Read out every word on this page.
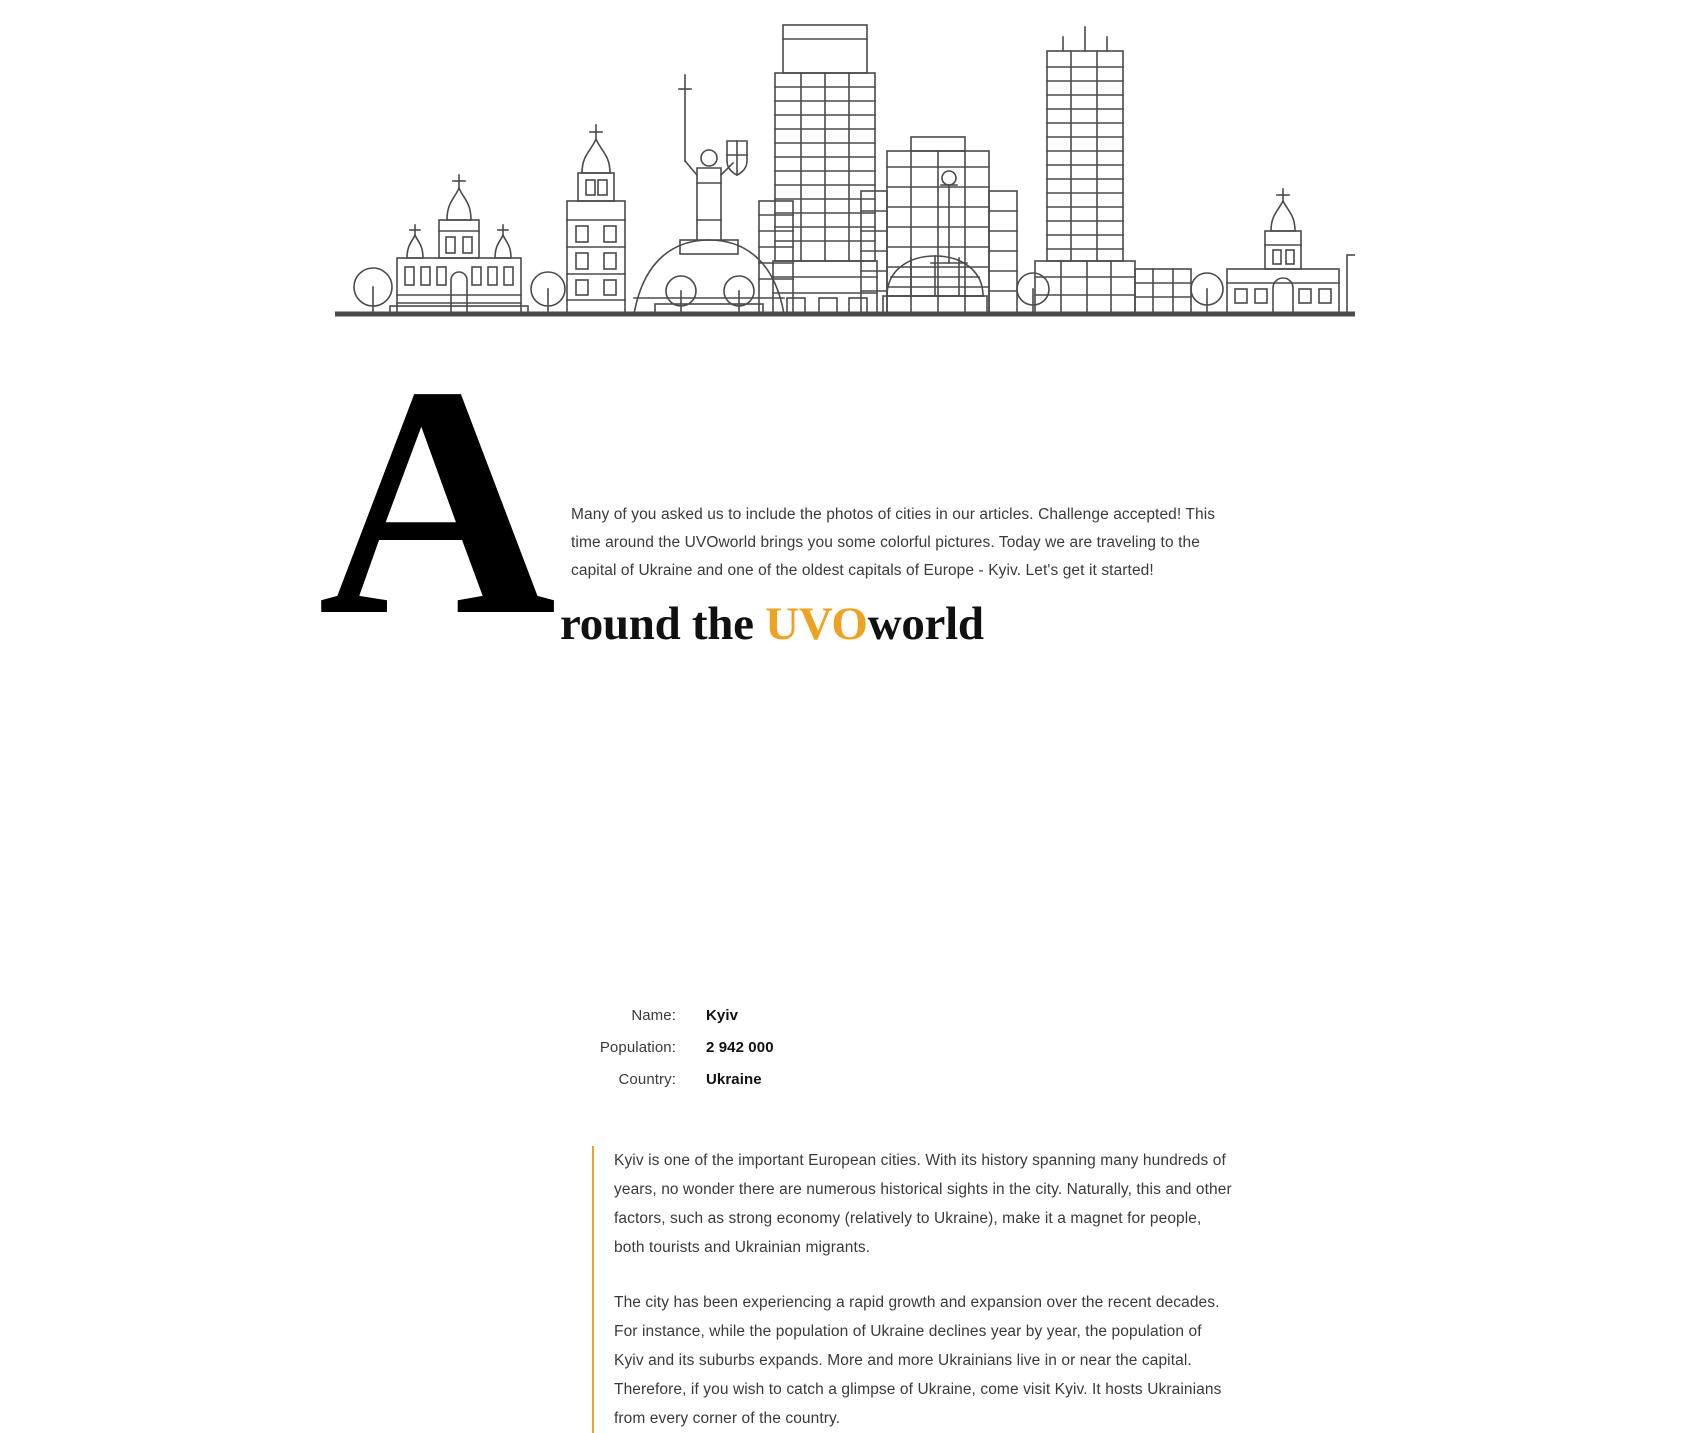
A Many of you asked us to include the photos of cities in our articles. Challenge accepted! This time around the UVOworld brings you some colorful pictures. Today we are traveling to the capital of Ukraine and one of the oldest capitals of Europe - Kyiv. Let's get it started!

round the UVOworld
Name:	Kyiv
Population:	2 942 000
Country:	Ukraine

Kyiv is one of the important European cities. With its history spanning many hundreds of years, no wonder there are numerous historical sights in the city. Naturally, this and other factors, such as strong economy (relatively to Ukraine), make it a magnet for people, both tourists and Ukrainian migrants.

The city has been experiencing a rapid growth and expansion over the recent decades. For instance, while the population of Ukraine declines year by year, the population of Kyiv and its suburbs expands. More and more Ukrainians live in or near the capital. Therefore, if you wish to catch a glimpse of Ukraine, come visit Kyiv. It hosts Ukrainians from every corner of the country.
